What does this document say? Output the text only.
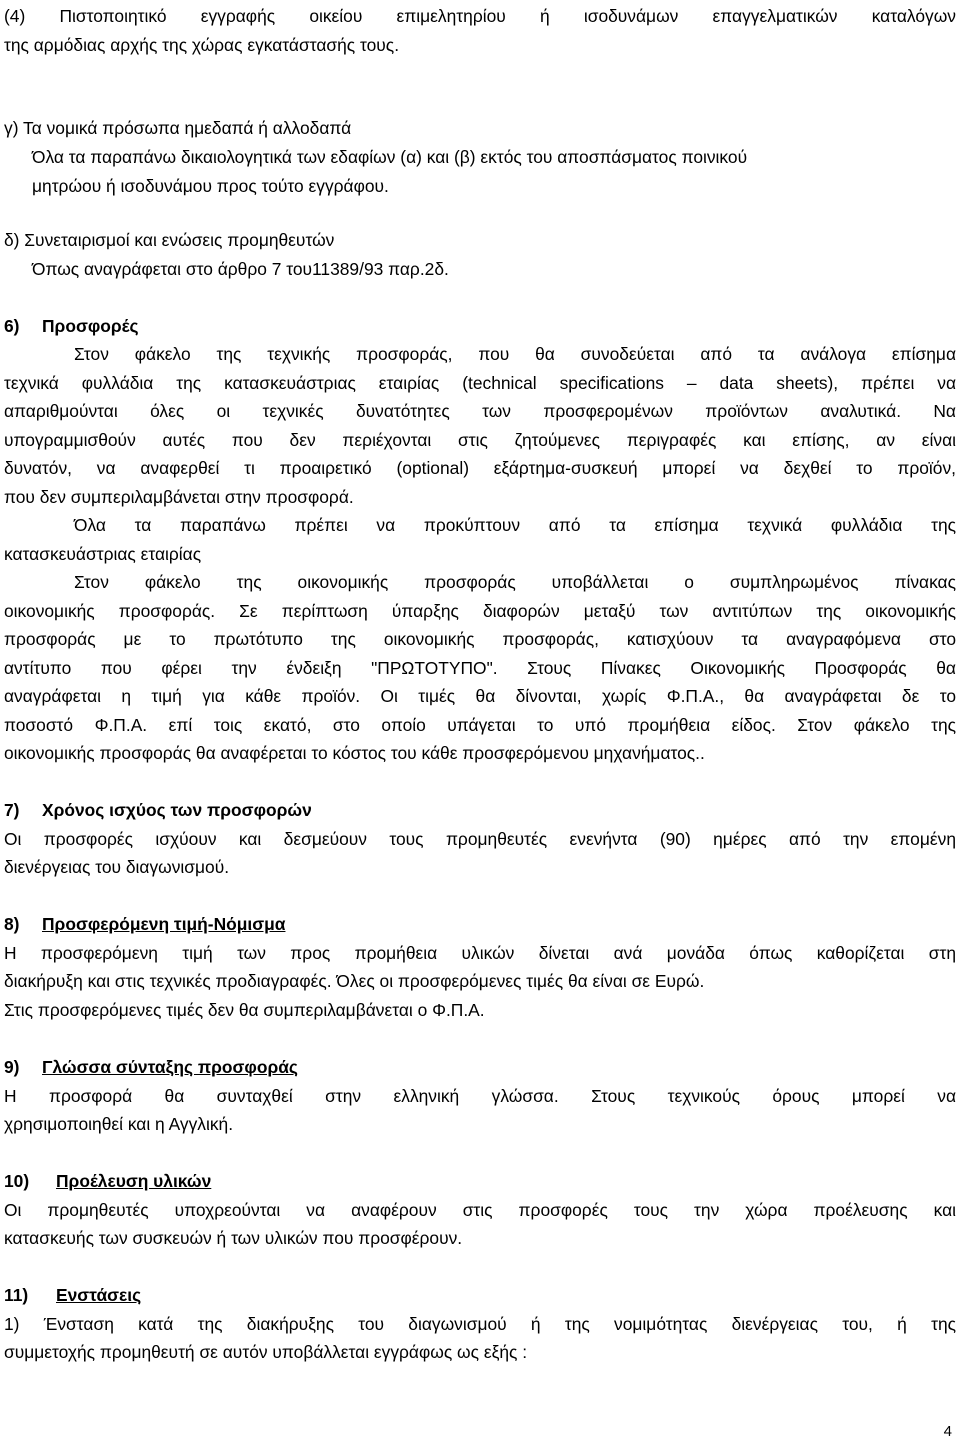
(4) Πιστοποιητικό εγγραφής οικείου επιμελητηρίου ή ισοδυνάμων επαγγελματικών καταλόγων
της αρμόδιας αρχής της χώρας εγκατάστασής τους.
γ) Τα νομικά πρόσωπα ημεδαπά ή αλλοδαπά
Όλα τα παραπάνω δικαιολογητικά των εδαφίων (α) και (β) εκτός του αποσπάσματος ποινικού
μητρώου ή ισοδυνάμου προς τούτο εγγράφου.
δ) Συνεταιρισμοί και ενώσεις προμηθευτών
Όπως αναγράφεται στο άρθρο 7 του11389/93 παρ.2δ.
6) Προσφορές
Στον φάκελο της τεχνικής προσφοράς, που θα συνοδεύεται από τα ανάλογα επίσημα
τεχνικά φυλλάδια της κατασκευάστριας εταιρίας (technical specifications – data sheets), πρέπει να
απαριθμούνται όλες οι τεχνικές δυνατότητες των προσφερομένων προϊόντων αναλυτικά. Να
υπογραμμισθούν αυτές που δεν περιέχονται στις ζητούμενες περιγραφές και επίσης, αν είναι
δυνατόν, να αναφερθεί τι προαιρετικό (optional) εξάρτημα-συσκευή μπορεί να δεχθεί το προϊόν,
που δεν συμπεριλαμβάνεται στην προσφορά.
Όλα τα παραπάνω πρέπει να προκύπτουν από τα επίσημα τεχνικά φυλλάδια της
κατασκευάστριας εταιρίας
Στον φάκελο της οικονομικής προσφοράς υποβάλλεται ο συμπληρωμένος πίνακας
οικονομικής προσφοράς. Σε περίπτωση ύπαρξης διαφορών μεταξύ των αντιτύπων της οικονομικής
προσφοράς με το πρωτότυπο της οικονομικής προσφοράς, κατισχύουν τα αναγραφόμενα στο
αντίτυπο που φέρει την ένδειξη "ΠΡΩΤΟΤΥΠΟ". Στους Πίνακες Οικονομικής Προσφοράς θα
αναγράφεται η τιμή για κάθε προϊόν. Οι τιμές θα δίνονται, χωρίς Φ.Π.Α., θα αναγράφεται δε το
ποσοστό Φ.Π.Α. επί τοις εκατό, στο οποίο υπάγεται το υπό προμήθεια είδος. Στον φάκελο της
οικονομικής προσφοράς θα αναφέρεται το κόστος του κάθε προσφερόμενου μηχανήματος..
7) Χρόνος ισχύος των προσφορών
Οι προσφορές ισχύουν και δεσμεύουν τους προμηθευτές ενενήντα (90) ημέρες από την επομένη
διενέργειας του διαγωνισμού.
8) Προσφερόμενη τιμή-Νόμισμα
Η προσφερόμενη τιμή των προς προμήθεια υλικών δίνεται ανά μονάδα όπως καθορίζεται στη
διακήρυξη και στις τεχνικές προδιαγραφές. Όλες οι προσφερόμενες τιμές θα είναι σε Ευρώ.
Στις προσφερόμενες τιμές δεν θα συμπεριλαμβάνεται ο Φ.Π.Α.
9) Γλώσσα σύνταξης προσφοράς
Η προσφορά θα συνταχθεί στην ελληνική γλώσσα. Στους τεχνικούς όρους μπορεί να
χρησιμοποιηθεί και η Αγγλική.
10) Προέλευση υλικών
Οι προμηθευτές υποχρεούνται να αναφέρουν στις προσφορές τους την χώρα προέλευσης και
κατασκευής των συσκευών ή των υλικών που προσφέρουν.
11) Ενστάσεις
1) Ένσταση κατά της διακήρυξης του διαγωνισμού ή της νομιμότητας διενέργειας του, ή της
συμμετοχής προμηθευτή σε αυτόν υποβάλλεται εγγράφως ως εξής :
4
